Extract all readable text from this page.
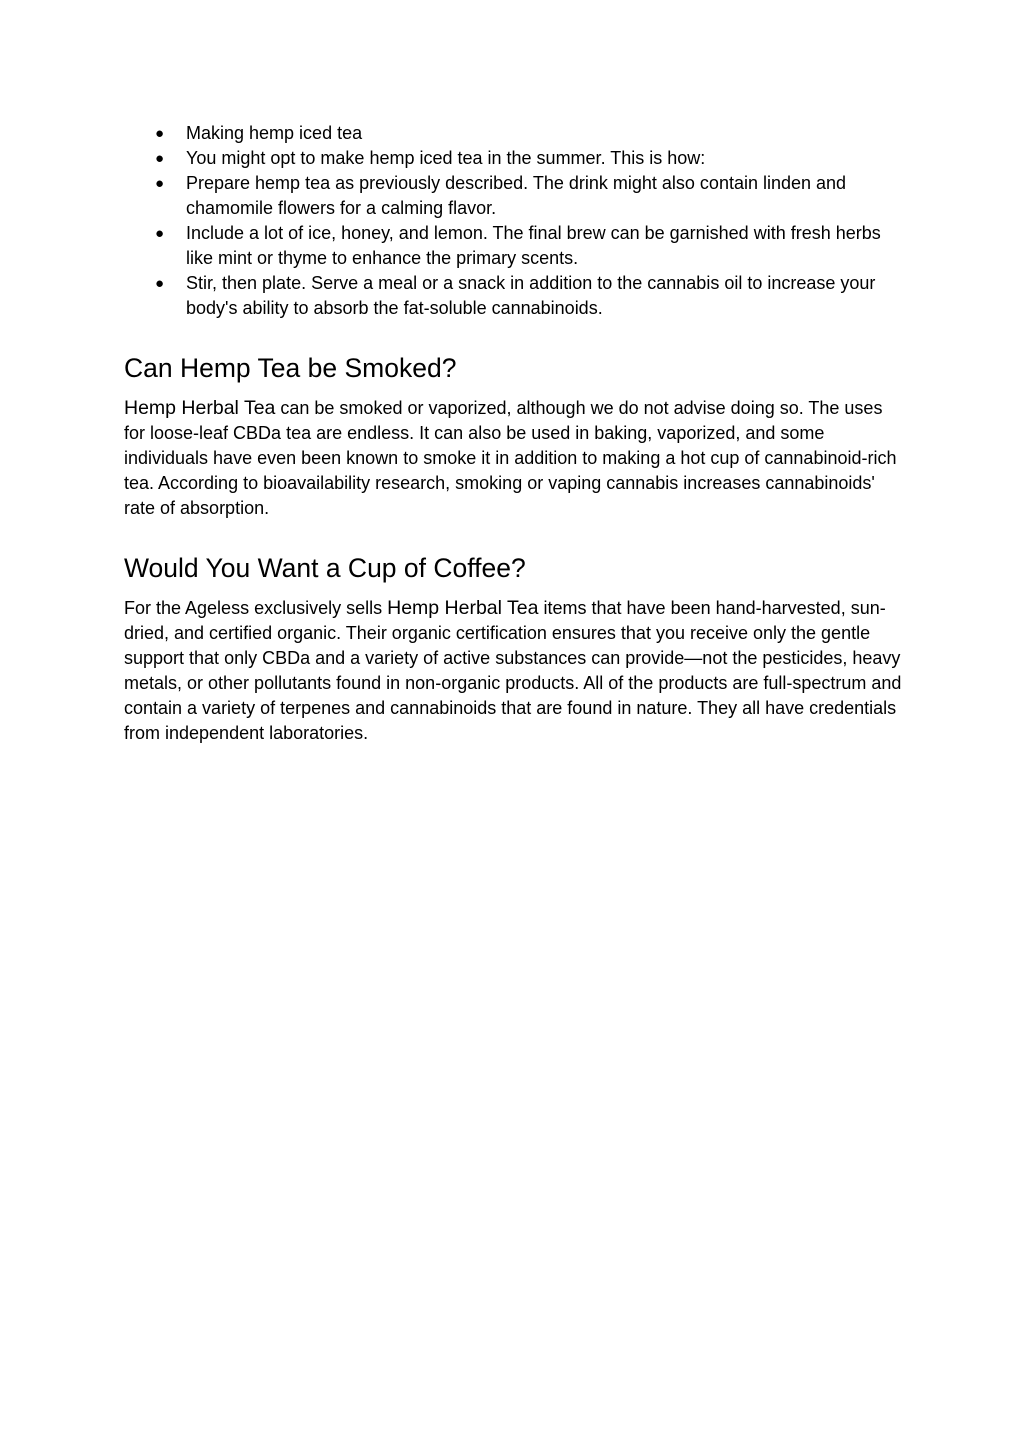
● Making hemp iced tea
● You might opt to make hemp iced tea in the summer. This is how:
● Prepare hemp tea as previously described. The drink might also contain linden and chamomile flowers for a calming flavor.
● Include a lot of ice, honey, and lemon. The final brew can be garnished with fresh herbs like mint or thyme to enhance the primary scents.
● Stir, then plate. Serve a meal or a snack in addition to the cannabis oil to increase your body's ability to absorb the fat-soluble cannabinoids.
Can Hemp Tea be Smoked?

Hemp Herbal Tea can be smoked or vaporized, although we do not advise doing so. The uses for loose-leaf CBDa tea are endless. It can also be used in baking, vaporized, and some individuals have even been known to smoke it in addition to making a hot cup of cannabinoid-rich tea. According to bioavailability research, smoking or vaping cannabis increases cannabinoids' rate of absorption.

Would You Want a Cup of Coffee?

For the Ageless exclusively sells Hemp Herbal Tea items that have been hand-harvested, sun-dried, and certified organic. Their organic certification ensures that you receive only the gentle support that only CBDa and a variety of active substances can provide—not the pesticides, heavy metals, or other pollutants found in non-organic products. All of the products are full-spectrum and contain a variety of terpenes and cannabinoids that are found in nature. They all have credentials from independent laboratories.
